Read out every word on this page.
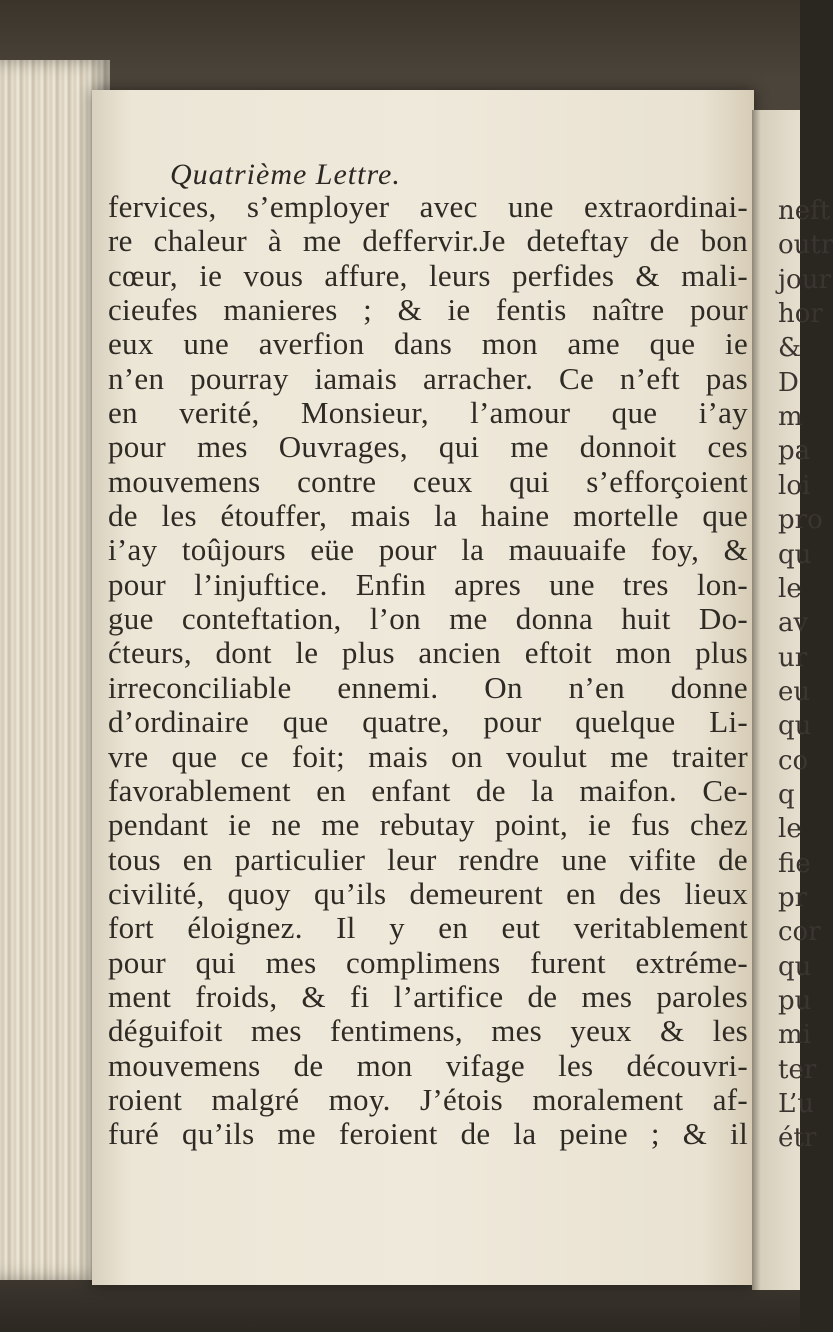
neft
outr
jour
hor
&
D
m
pa
loi
pro
qu
le
av
ur
eu
qu
co
q
le
fie
pr
cor
qu
pu
mi
ter
L’u
étr
Quatrième Lettre.
fervices, s’employer avec une extraordinai-
re chaleur à me deffervir.Je deteftay de bon
cœur, ie vous affure, leurs perfides & mali-
cieufes manieres ; & ie fentis naître pour
eux une averfion dans mon ame que ie
n’en pourray iamais arracher. Ce n’eft pas
en verité, Monsieur, l’amour que i’ay
pour mes Ouvrages, qui me donnoit ces
mouvemens contre ceux qui s’efforçoient
de les étouffer, mais la haine mortelle que
i’ay toûjours eüe pour la mauuaife foy, &
pour l’injuftice. Enfin apres une tres lon-
gue conteftation, l’on me donna huit Do-
ćteurs, dont le plus ancien eftoit mon plus
irreconciliable ennemi. On n’en donne
d’ordinaire que quatre, pour quelque Li-
vre que ce foit; mais on voulut me traiter
favorablement en enfant de la maifon. Ce-
pendant ie ne me rebutay point, ie fus chez
tous en particulier leur rendre une vifite de
civilité, quoy qu’ils demeurent en des lieux
fort éloignez. Il y en eut veritablement
pour qui mes complimens furent extréme-
ment froids, & fi l’artifice de mes paroles
déguifoit mes fentimens, mes yeux & les
mouvemens de mon vifage les découvri-
roient malgré moy. J’étois moralement af-
furé qu’ils me feroient de la peine ; & il
